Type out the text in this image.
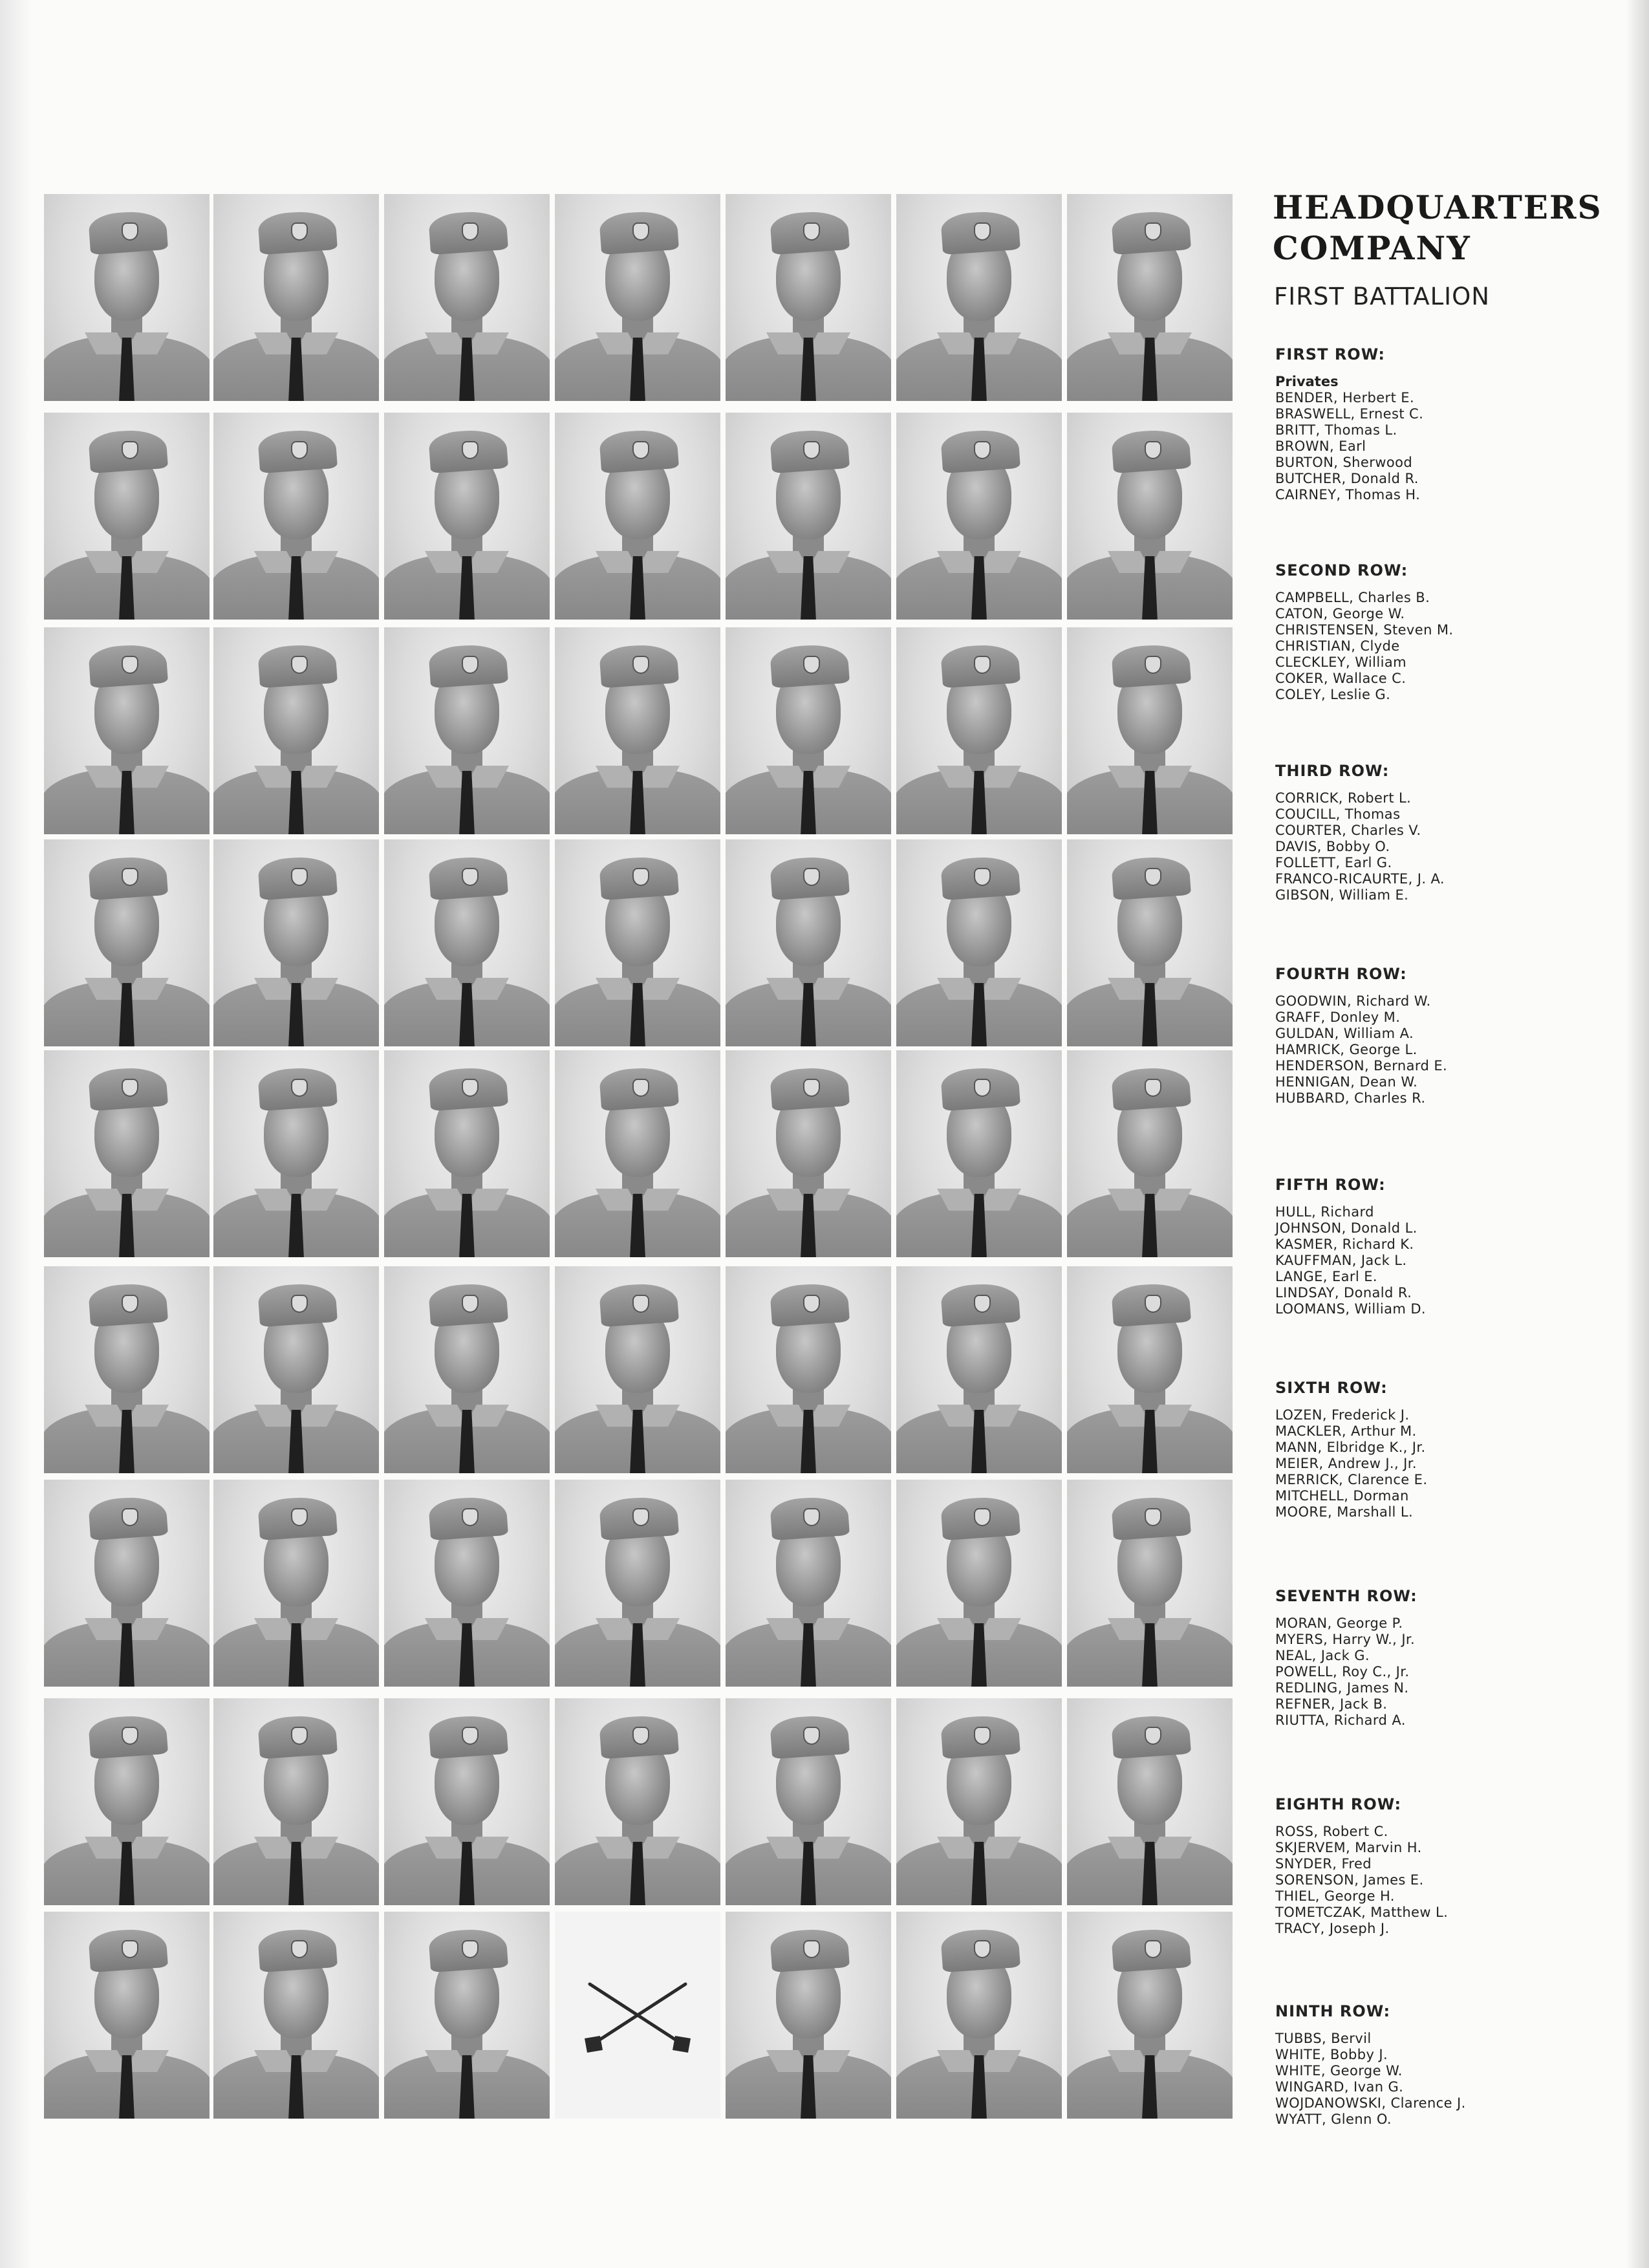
HEADQUARTERS
COMPANY
FIRST BATTALION
FIRST ROW:
Privates
BENDER, Herbert E.
BRASWELL, Ernest C.
BRITT, Thomas L.
BROWN, Earl
BURTON, Sherwood
BUTCHER, Donald R.
CAIRNEY, Thomas H.
SECOND ROW:
CAMPBELL, Charles B.
CATON, George W.
CHRISTENSEN, Steven M.
CHRISTIAN, Clyde
CLECKLEY, William
COKER, Wallace C.
COLEY, Leslie G.
THIRD ROW:
CORRICK, Robert L.
COUCILL, Thomas
COURTER, Charles V.
DAVIS, Bobby O.
FOLLETT, Earl G.
FRANCO-RICAURTE, J. A.
GIBSON, William E.
FOURTH ROW:
GOODWIN, Richard W.
GRAFF, Donley M.
GULDAN, William A.
HAMRICK, George L.
HENDERSON, Bernard E.
HENNIGAN, Dean W.
HUBBARD, Charles R.
FIFTH ROW:
HULL, Richard
JOHNSON, Donald L.
KASMER, Richard K.
KAUFFMAN, Jack L.
LANGE, Earl E.
LINDSAY, Donald R.
LOOMANS, William D.
SIXTH ROW:
LOZEN, Frederick J.
MACKLER, Arthur M.
MANN, Elbridge K., Jr.
MEIER, Andrew J., Jr.
MERRICK, Clarence E.
MITCHELL, Dorman
MOORE, Marshall L.
SEVENTH ROW:
MORAN, George P.
MYERS, Harry W., Jr.
NEAL, Jack G.
POWELL, Roy C., Jr.
REDLING, James N.
REFNER, Jack B.
RIUTTA, Richard A.
EIGHTH ROW:
ROSS, Robert C.
SKJERVEM, Marvin H.
SNYDER, Fred
SORENSON, James E.
THIEL, George H.
TOMETCZAK, Matthew L.
TRACY, Joseph J.
NINTH ROW:
TUBBS, Bervil
WHITE, Bobby J.
WHITE, George W.
WINGARD, Ivan G.
WOJDANOWSKI, Clarence J.
WYATT, Glenn O.
